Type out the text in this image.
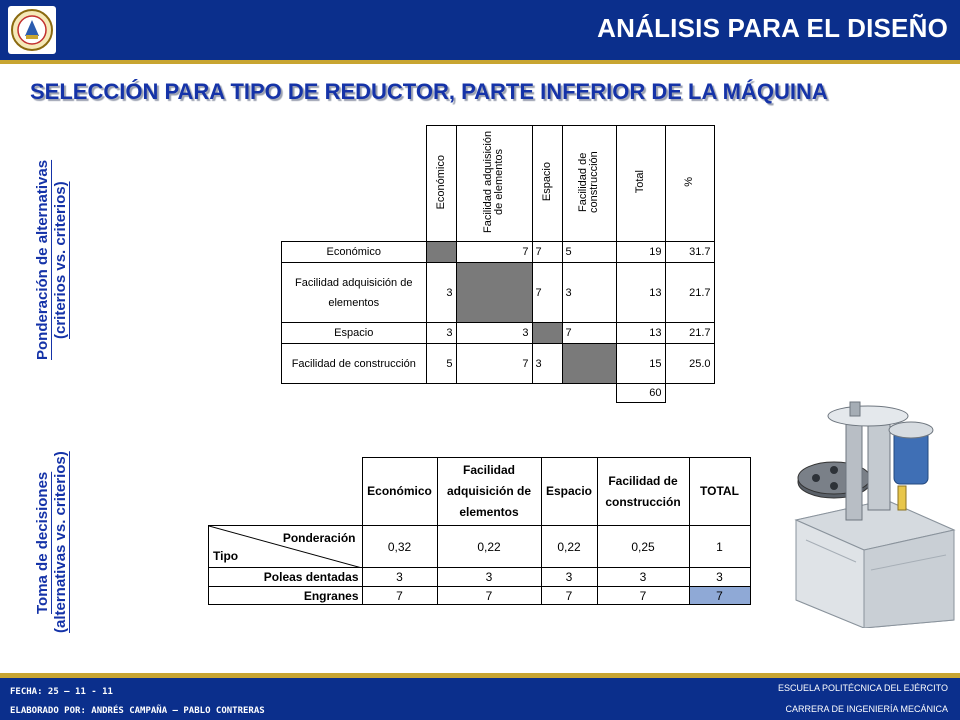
ANÁLISIS PARA EL DISEÑO
SELECCIÓN PARA TIPO DE REDUCTOR, PARTE INFERIOR DE LA MÁQUINA
Ponderación de alternativas (criterios vs. criterios)
Toma de decisiones (alternativas vs. criterios)
	Económico	Facilidad adquisición de elementos	Espacio	Facilidad de construcción	Total	%
Económico		7	7	5	19	31.7
Facilidad adquisición de elementos	3		7	3	13	21.7
Espacio	3	3		7	13	21.7
Facilidad de construcción	5	7	3		15	25.0
					60	
	Económico	Facilidad adquisición de elementos	Espacio	Facilidad de construcción	TOTAL

Ponderación
Tipo	0,32	0,22	0,22	0,25	1
Poleas dentadas	3	3	3	3	3
Engranes	7	7	7	7	7
FECHA: 25 – 11 - 11
ELABORADO POR: ANDRÉS CAMPAÑA – PABLO CONTRERAS
ESCUELA POLITÉCNICA DEL EJÉRCITO
CARRERA DE INGENIERÍA MECÁNICA
